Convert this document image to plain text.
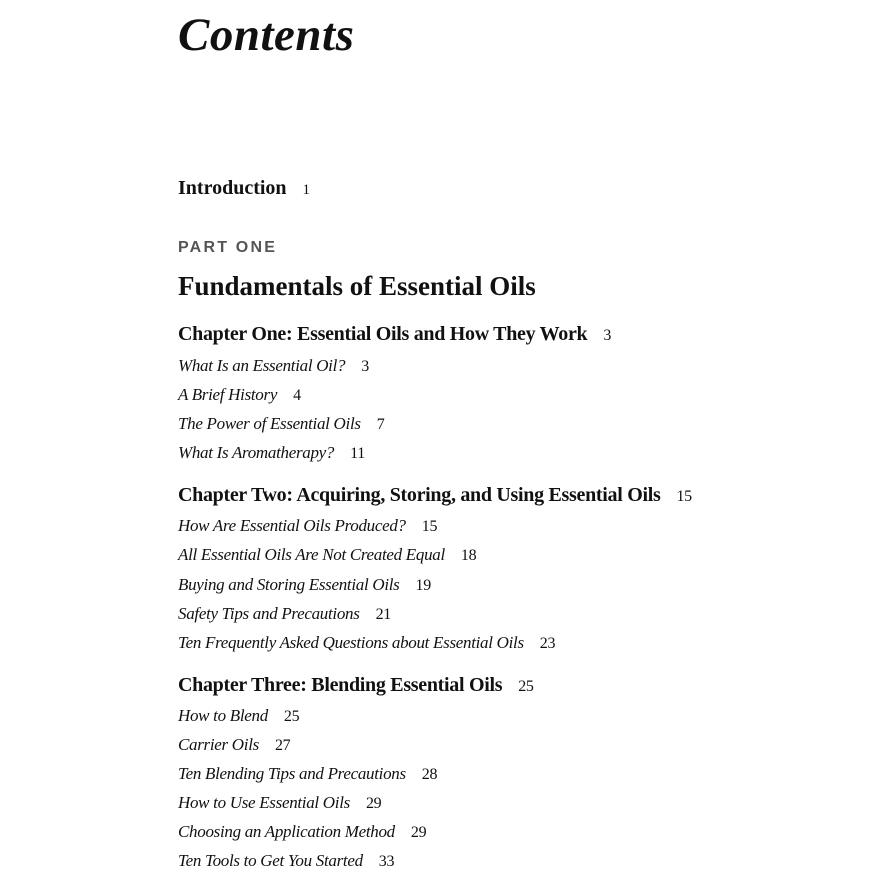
Contents
Introduction 1
PART ONE
Fundamentals of Essential Oils
Chapter One: Essential Oils and How They Work 3
What Is an Essential Oil? 3
A Brief History 4
The Power of Essential Oils 7
What Is Aromatherapy? 11
Chapter Two: Acquiring, Storing, and Using Essential Oils 15
How Are Essential Oils Produced? 15
All Essential Oils Are Not Created Equal 18
Buying and Storing Essential Oils 19
Safety Tips and Precautions 21
Ten Frequently Asked Questions about Essential Oils 23
Chapter Three: Blending Essential Oils 25
How to Blend 25
Carrier Oils 27
Ten Blending Tips and Precautions 28
How to Use Essential Oils 29
Choosing an Application Method 29
Ten Tools to Get You Started 33
